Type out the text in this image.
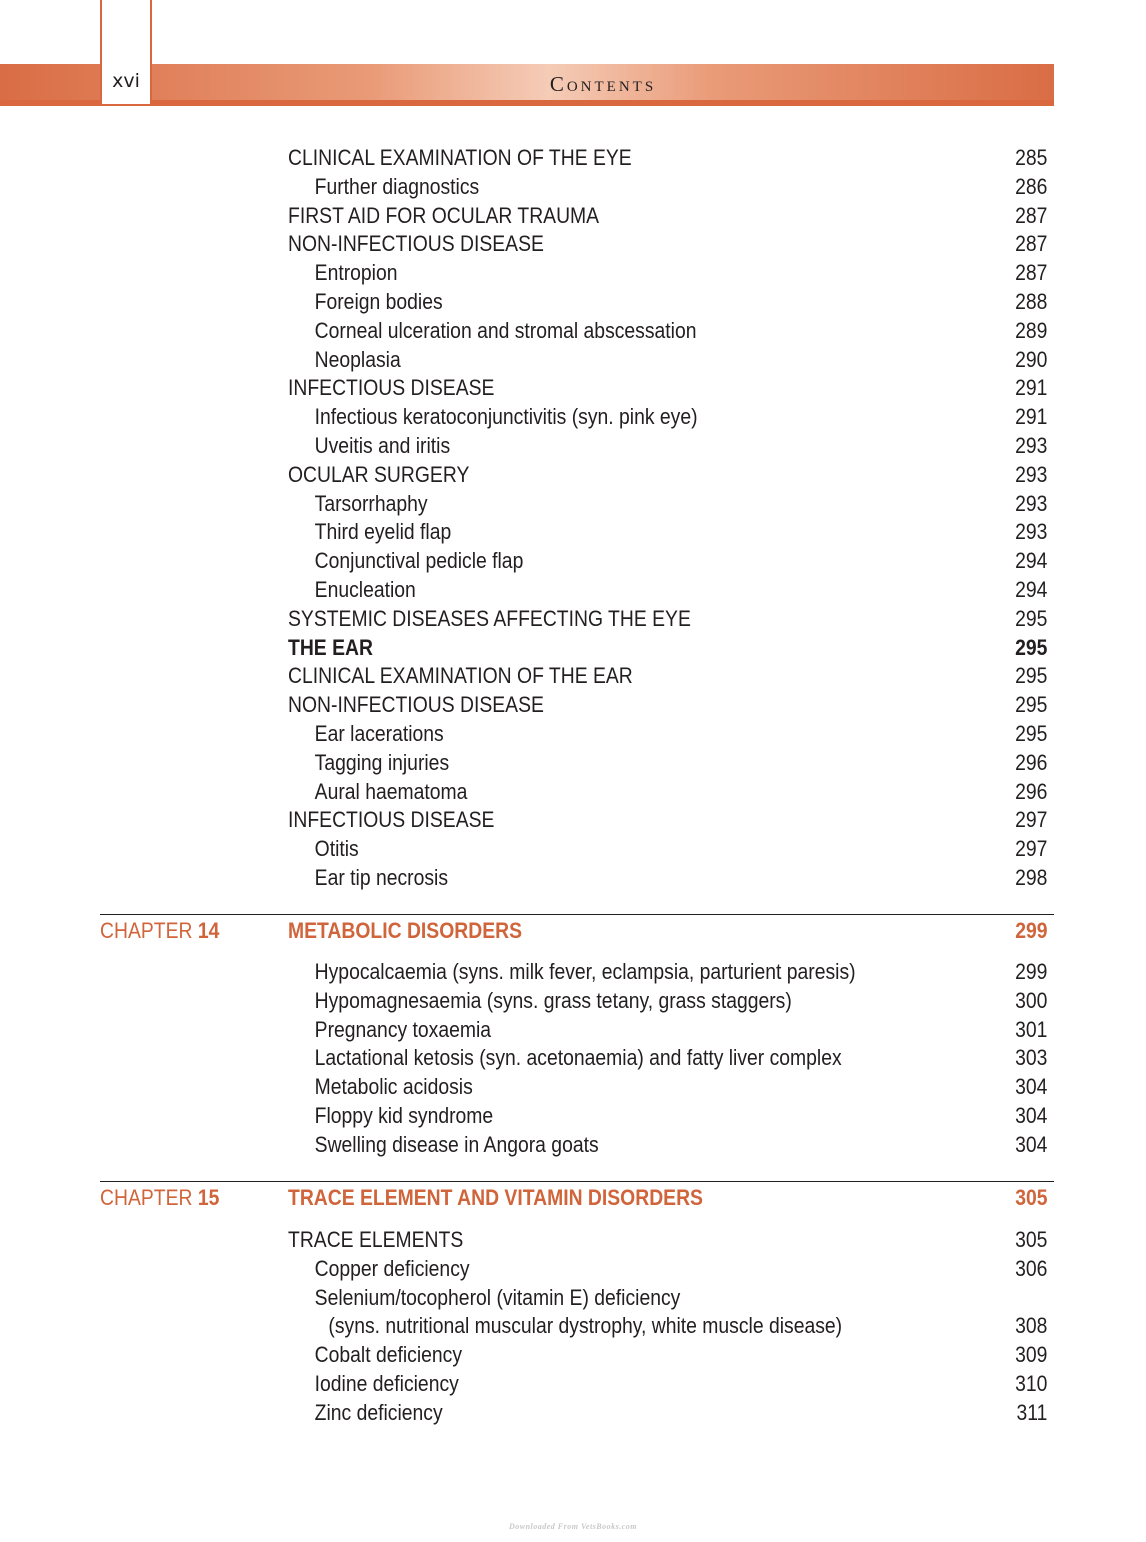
xvi	Contents
CLINICAL EXAMINATION OF THE EYE	285
Further diagnostics	286
FIRST AID FOR OCULAR TRAUMA	287
NON-INFECTIOUS DISEASE	287
Entropion	287
Foreign bodies	288
Corneal ulceration and stromal abscessation	289
Neoplasia	290
INFECTIOUS DISEASE	291
Infectious keratoconjunctivitis (syn. pink eye)	291
Uveitis and iritis	293
OCULAR SURGERY	293
Tarsorrhaphy	293
Third eyelid flap	293
Conjunctival pedicle flap	294
Enucleation	294
SYSTEMIC DISEASES AFFECTING THE EYE	295
THE EAR	295
CLINICAL EXAMINATION OF THE EAR	295
NON-INFECTIOUS DISEASE	295
Ear lacerations	295
Tagging injuries	296
Aural haematoma	296
INFECTIOUS DISEASE	297
Otitis	297
Ear tip necrosis	298
CHAPTER 14	METABOLIC DISORDERS	299
Hypocalcaemia (syns. milk fever, eclampsia, parturient paresis)	299
Hypomagnesaemia (syns. grass tetany, grass staggers)	300
Pregnancy toxaemia	301
Lactational ketosis (syn. acetonaemia) and fatty liver complex	303
Metabolic acidosis	304
Floppy kid syndrome	304
Swelling disease in Angora goats	304
CHAPTER 15	TRACE ELEMENT AND VITAMIN DISORDERS	305
TRACE ELEMENTS	305
Copper deficiency	306
Selenium/tocopherol (vitamin E) deficiency
(syns. nutritional muscular dystrophy, white muscle disease)	308
Cobalt deficiency	309
Iodine deficiency	310
Zinc deficiency	311
Downloaded From VetsBooks.com
